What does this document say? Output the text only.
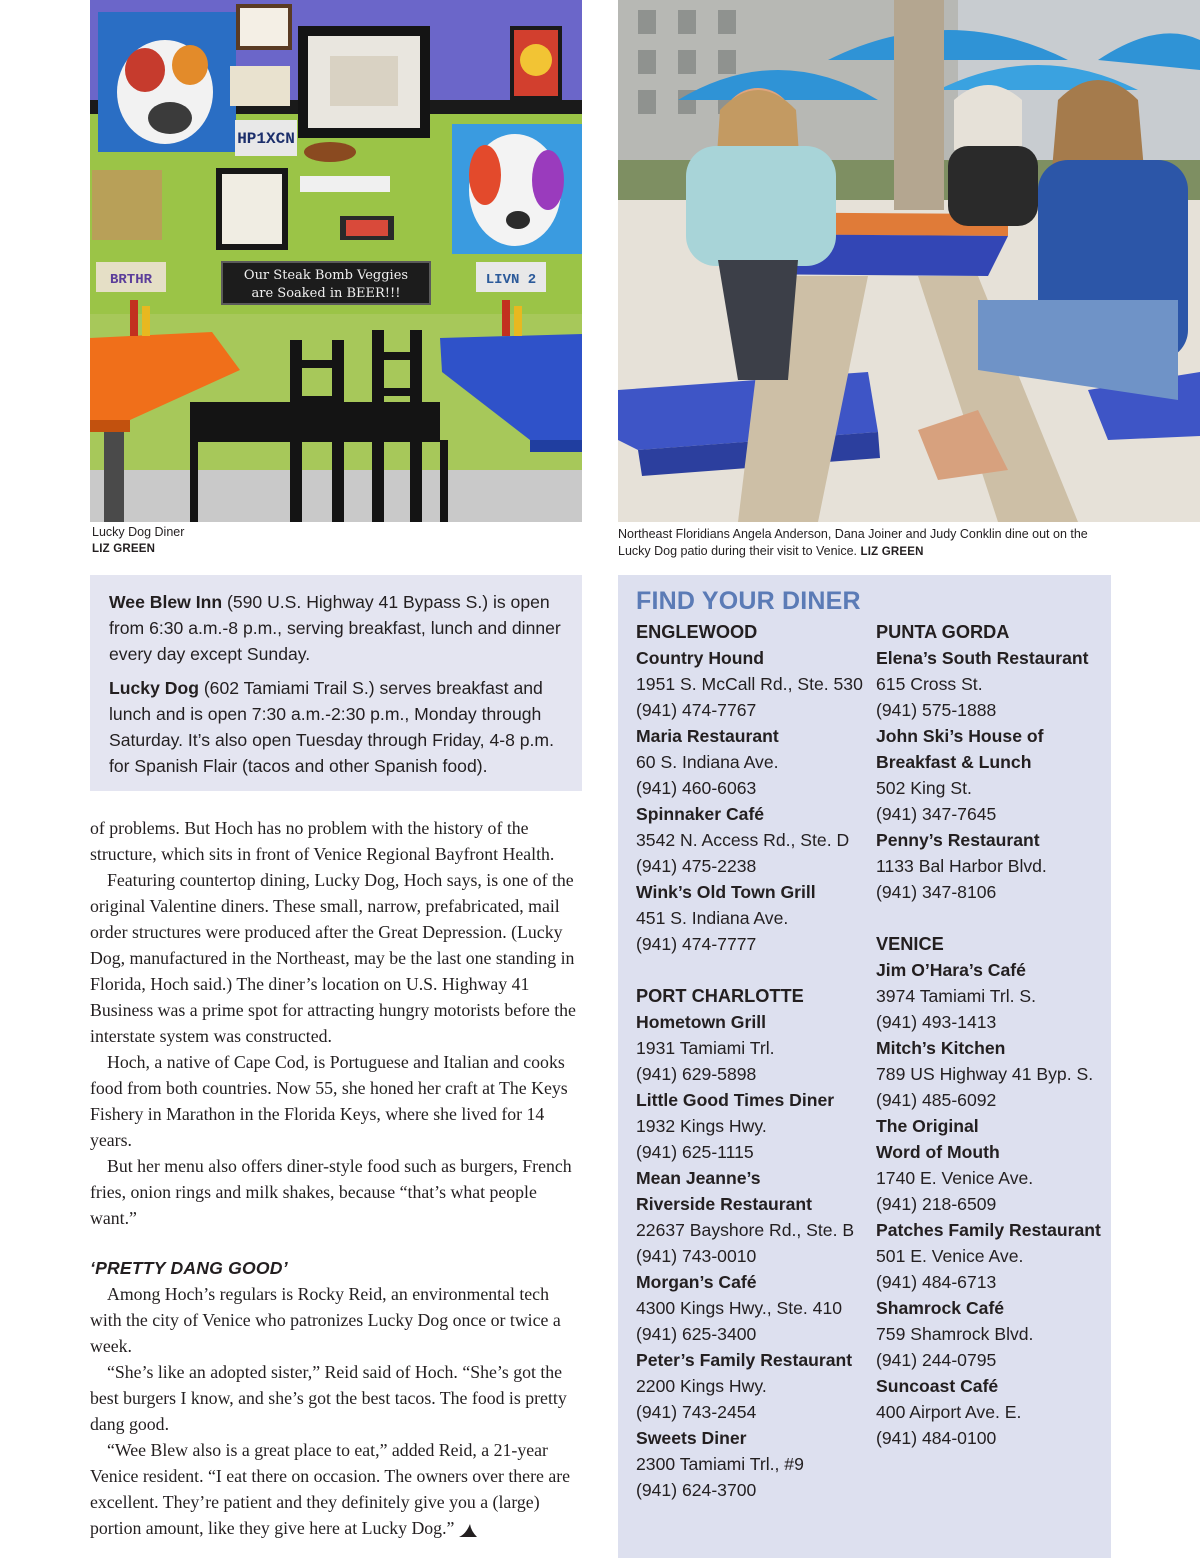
HP1XCN
Our Steak Bomb Veggies
are Soaked in BEER!!!
BRTHR	LIVN 2
Lucky Dog Diner
LIZ GREEN
Northeast Floridians Angela Anderson, Dana Joiner and Judy Conklin dine out on the Lucky Dog patio during their visit to Venice. LIZ GREEN

Wee Blew Inn (590 U.S. Highway 41 Bypass S.) is open from 6:30 a.m.-8 p.m., serving breakfast, lunch and dinner every day except Sunday.

Lucky Dog (602 Tamiami Trail S.) serves breakfast and lunch and is open 7:30 a.m.-2:30 p.m., Monday through Saturday. It’s also open Tuesday through Friday, 4-8 p.m. for Spanish Flair (tacos and other Spanish food).

of problems. But Hoch has no problem with the history of the structure, which sits in front of Venice Regional Bayfront Health.

Featuring countertop dining, Lucky Dog, Hoch says, is one of the original Valentine diners. These small, narrow, prefabricated, mail order structures were produced after the Great Depression. (Lucky Dog, manufactured in the Northeast, may be the last one standing in Florida, Hoch said.) The diner’s location on U.S. Highway 41 Business was a prime spot for attracting hungry motorists before the interstate system was constructed.

Hoch, a native of Cape Cod, is Portuguese and Italian and cooks food from both countries. Now 55, she honed her craft at The Keys Fishery in Marathon in the Florida Keys, where she lived for 14 years.

But her menu also offers diner-style food such as burgers, French fries, onion rings and milk shakes, because “that’s what people want.”

‘PRETTY DANG GOOD’

Among Hoch’s regulars is Rocky Reid, an environmental tech with the city of Venice who patronizes Lucky Dog once or twice a week.

“She’s like an adopted sister,” Reid said of Hoch. “She’s got the best burgers I know, and she’s got the best tacos. The food is pretty dang good.

“Wee Blew also is a great place to eat,” added Reid, a 21-year Venice resident. “I eat there on occasion. The owners over there are excellent. They’re patient and they definitely give you a (large) portion amount, like they give here at Lucky Dog.”

FIND YOUR DINER
ENGLEWOOD
Country Hound
1951 S. McCall Rd., Ste. 530
(941) 474-7767
Maria Restaurant
60 S. Indiana Ave.
(941) 460-6063
Spinnaker Café
3542 N. Access Rd., Ste. D
(941) 475-2238
Wink’s Old Town Grill
451 S. Indiana Ave.
(941) 474-7777
PORT CHARLOTTE
Hometown Grill
1931 Tamiami Trl.
(941) 629-5898
Little Good Times Diner
1932 Kings Hwy.
(941) 625-1115
Mean Jeanne’s
Riverside Restaurant
22637 Bayshore Rd., Ste. B
(941) 743-0010
Morgan’s Café
4300 Kings Hwy., Ste. 410
(941) 625-3400
Peter’s Family Restaurant
2200 Kings Hwy.
(941) 743-2454
Sweets Diner
2300 Tamiami Trl., #9
(941) 624-3700
PUNTA GORDA
Elena’s South Restaurant
615 Cross St.
(941) 575-1888
John Ski’s House of
Breakfast & Lunch
502 King St.
(941) 347-7645
Penny’s Restaurant
1133 Bal Harbor Blvd.
(941) 347-8106
VENICE
Jim O’Hara’s Café
3974 Tamiami Trl. S.
(941) 493-1413
Mitch’s Kitchen
789 US Highway 41 Byp. S.
(941) 485-6092
The Original
Word of Mouth
1740 E. Venice Ave.
(941) 218-6509
Patches Family Restaurant
501 E. Venice Ave.
(941) 484-6713
Shamrock Café
759 Shamrock Blvd.
(941) 244-0795
Suncoast Café
400 Airport Ave. E.
(941) 484-0100
